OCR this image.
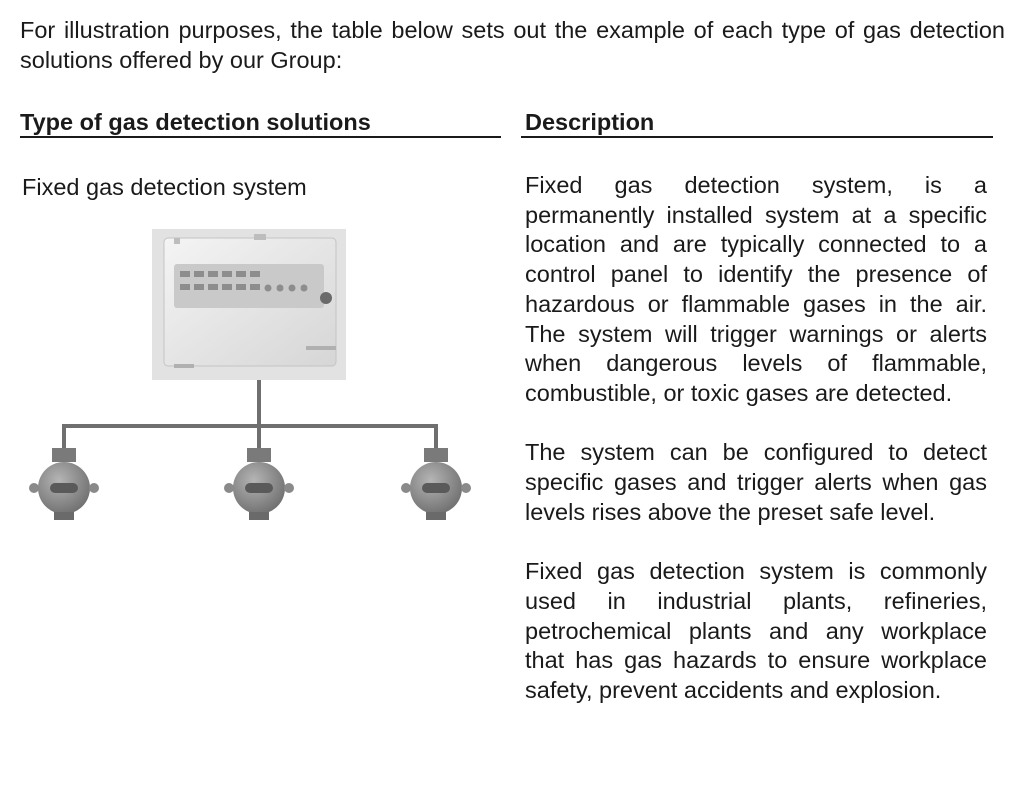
For illustration purposes, the table below sets out the example of each type of gas detection solutions offered by our Group:
Type of gas detection solutions	Description
Fixed gas detection system	Fixed gas detection system, is a permanently installed system at a specific location and are typically connected to a control panel to identify the presence of hazardous or flammable gases in the air. The system will trigger warnings or alerts when dangerous levels of flammable, combustible, or toxic gases are detected.

The system can be configured to detect specific gases and trigger alerts when gas levels rises above the preset safe level.

Fixed gas detection system is commonly used in industrial plants, refineries, petrochemical plants and any workplace that has gas hazards to ensure workplace safety, prevent accidents and explosion.
